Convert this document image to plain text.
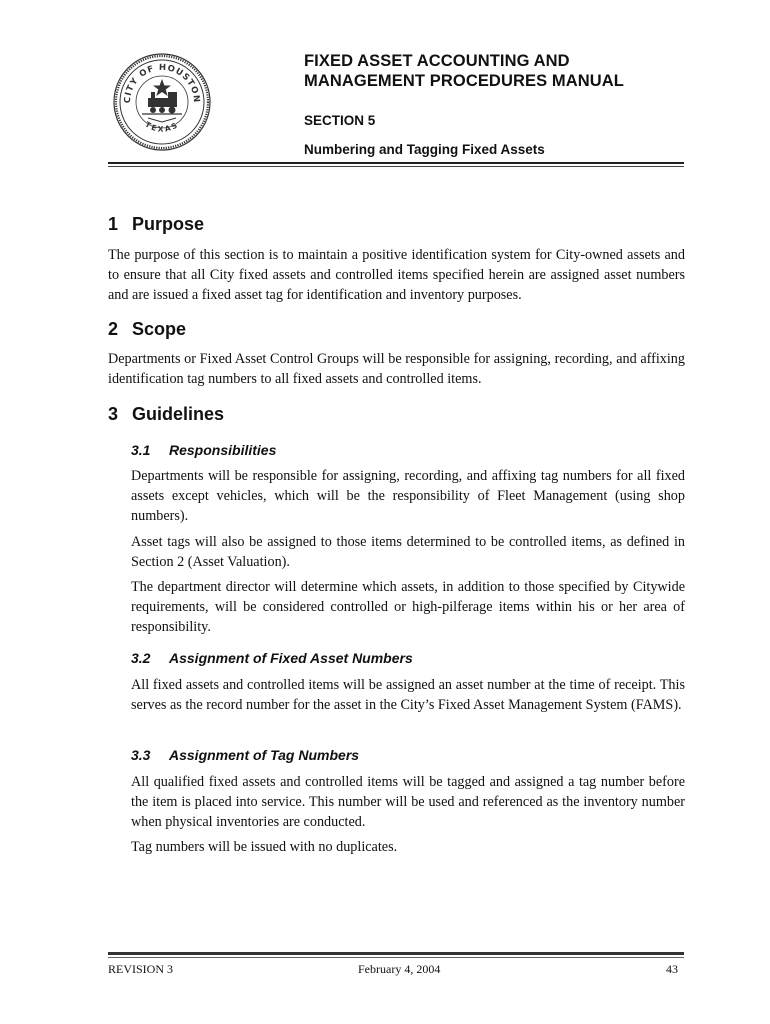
CITY OF HOUSTON
TEXAS
FIXED ASSET ACCOUNTING AND
MANAGEMENT PROCEDURES MANUAL
SECTION 5
Numbering and Tagging Fixed Assets
1 Purpose

The purpose of this section is to maintain a positive identification system for City-owned assets and to ensure that all City fixed assets and controlled items specified herein are assigned asset numbers and are issued a fixed asset tag for identification and inventory purposes.

2 Scope

Departments or Fixed Asset Control Groups will be responsible for assigning, recording, and affixing identification tag numbers to all fixed assets and controlled items.

3 Guidelines
3.1 Responsibilities

Departments will be responsible for assigning, recording, and affixing tag numbers for all fixed assets except vehicles, which will be the responsibility of Fleet Management (using shop numbers).

Asset tags will also be assigned to those items determined to be controlled items, as defined in Section 2 (Asset Valuation).

The department director will determine which assets, in addition to those specified by Citywide requirements, will be considered controlled or high-pilferage items within his or her area of responsibility.

3.2 Assignment of Fixed Asset Numbers

All fixed assets and controlled items will be assigned an asset number at the time of receipt. This serves as the record number for the asset in the City’s Fixed Asset Management System (FAMS).

3.3 Assignment of Tag Numbers

All qualified fixed assets and controlled items will be tagged and assigned a tag number before the item is placed into service. This number will be used and referenced as the inventory number when physical inventories are conducted.

Tag numbers will be issued with no duplicates.

REVISION 3	February 4, 2004	43
